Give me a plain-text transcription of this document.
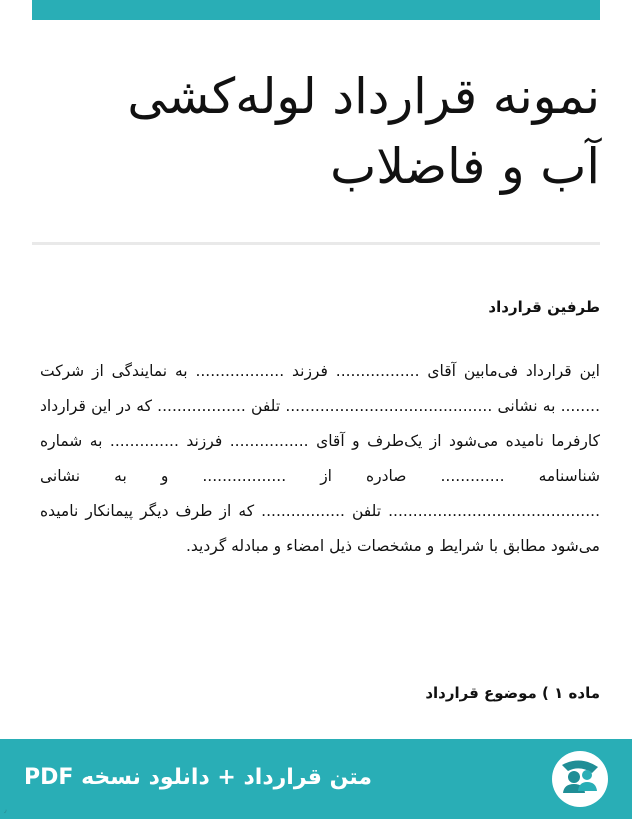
نمونه قرارداد لوله‌کشی
آب و فاضلاب
طرفین قرارداد

این قرارداد فی‌مابین آقای ................. فرزند .................. به نمایندگی از شرکت ........ به نشانی .......................................... تلفن .................. که در این قرارداد کارفرما نامیده می‌شود از یک‌طرف و آقای ................ فرزند .............. به شماره شناسنامه ............. صادره از ................. و به نشانی ........................................... تلفن ................. که از طرف دیگر پیمانکار نامیده می‌شود مطابق با شرایط و مشخصات ذیل امضاء و مبادله گردید.

ماده ۱ ) موضوع قرارداد

متن قرارداد + دانلود نسخه PDF

٫
